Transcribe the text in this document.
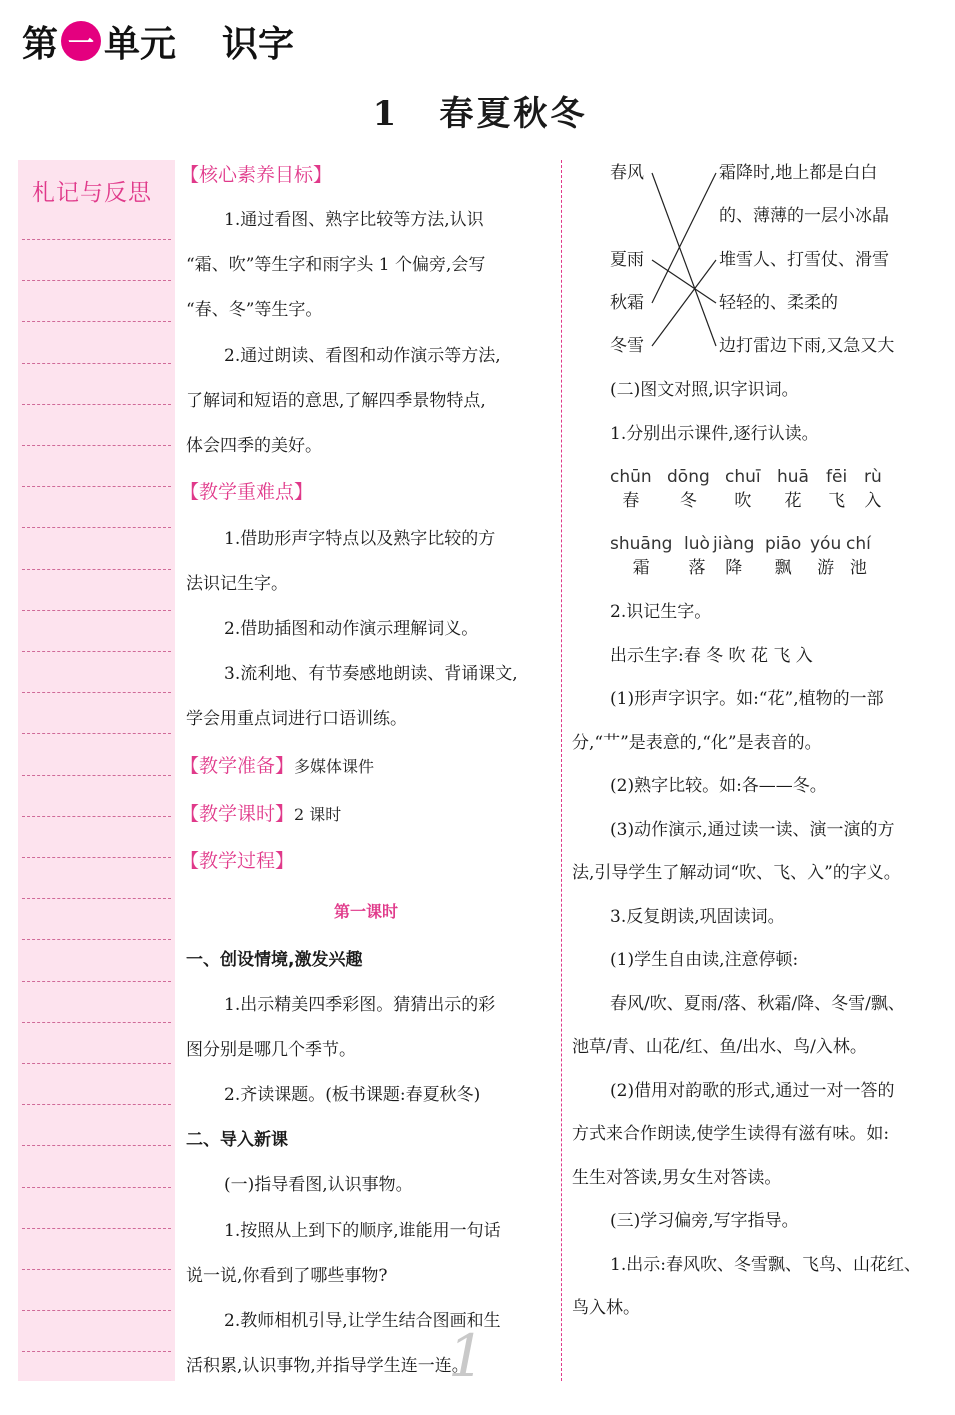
第 一 单元 识字
1 春夏秋冬
札记与反思
【核心素养目标】
1.通过看图、熟字比较等方法,认识
“霜、吹”等生字和雨字头 1 个偏旁,会写
“春、冬”等生字。
2.通过朗读、看图和动作演示等方法,
了解词和短语的意思,了解四季景物特点,
体会四季的美好。
【教学重难点】
1.借助形声字特点以及熟字比较的方
法识记生字。
2.借助插图和动作演示理解词义。
3.流利地、有节奏感地朗读、背诵课文,
学会用重点词进行口语训练。
【教学准备】多媒体课件
【教学课时】2 课时
【教学过程】
第一课时
一、创设情境,激发兴趣
1.出示精美四季彩图。猜猜出示的彩
图分别是哪几个季节。
2.齐读课题。(板书课题:春夏秋冬)
二、导入新课
(一)指导看图,认识事物。
1.按照从上到下的顺序,谁能用一句话
说一说,你看到了哪些事物?
2.教师相机引导,让学生结合图画和生
活积累,认识事物,并指导学生连一连。
春风
夏雨
秋霜
冬雪
霜降时,地上都是白白
的、薄薄的一层小冰晶
堆雪人、打雪仗、滑雪
轻轻的、柔柔的
边打雷边下雨,又急又大
(二)图文对照,识字识词。
1.分别出示课件,逐行认读。
chūn
春
dōng
冬
chuī
吹
huā
花
fēi
飞
rù
入
shuāng
霜
luò
落
jiàng
降
piāo
飘
yóu
游
chí
池
2.识记生字。
出示生字:春 冬 吹 花 飞 入
(1)形声字识字。如:“花”,植物的一部
分,“艹”是表意的,“化”是表音的。
(2)熟字比较。如:各——冬。
(3)动作演示,通过读一读、演一演的方
法,引导学生了解动词“吹、飞、入”的字义。
3.反复朗读,巩固读词。
(1)学生自由读,注意停顿:
春风/吹、夏雨/落、秋霜/降、冬雪/飘、
池草/青、山花/红、鱼/出水、鸟/入林。
(2)借用对韵歌的形式,通过一对一答的
方式来合作朗读,使学生读得有滋有味。如:
生生对答读,男女生对答读。
(三)学习偏旁,写字指导。
1.出示:春风吹、冬雪飘、飞鸟、山花红、
鸟入林。
1
